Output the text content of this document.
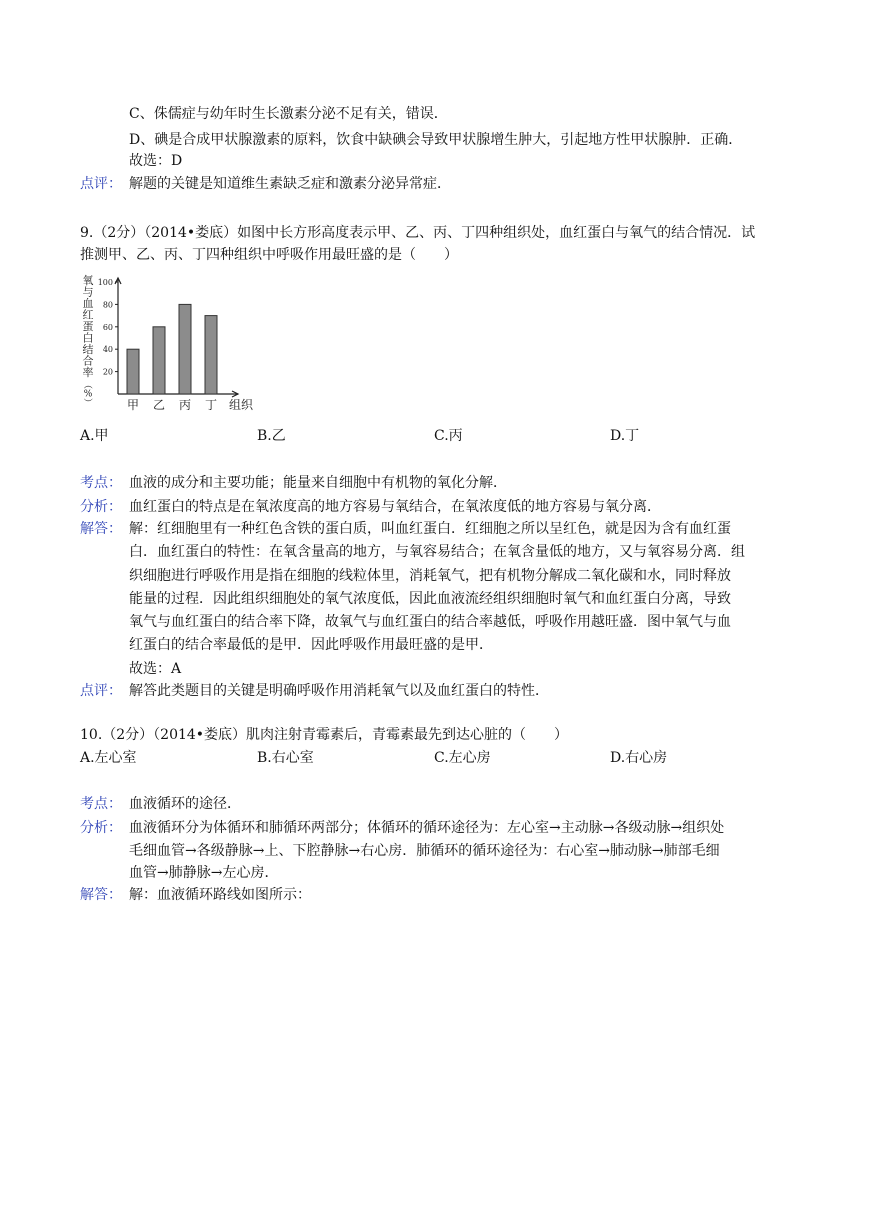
C、侏儒症与幼年时生长激素分泌不足有关，错误．
D、碘是合成甲状腺激素的原料，饮食中缺碘会导致甲状腺增生肿大，引起地方性甲状腺肿．正确．
故选：D
点评： 解题的关键是知道维生素缺乏症和激素分泌异常症．
9.（2分）（2014•娄底）如图中长方形高度表示甲、乙、丙、丁四种组织处，血红蛋白与氧气的结合情况．试
推测甲、乙、丙、丁四种组织中呼吸作用最旺盛的是（　　）
氧
与
血
红
蛋
白
结
合
率
（
%
）
20
40
60
80
100
甲 乙 丙 丁 组织
A.甲	B.乙	C.丙	D.丁
考点： 血液的成分和主要功能；能量来自细胞中有机物的氧化分解．
分析： 血红蛋白的特点是在氧浓度高的地方容易与氧结合，在氧浓度低的地方容易与氧分离．
解答： 解：红细胞里有一种红色含铁的蛋白质，叫血红蛋白．红细胞之所以呈红色，就是因为含有血红蛋
白．血红蛋白的特性：在氧含量高的地方，与氧容易结合；在氧含量低的地方，又与氧容易分离．组
织细胞进行呼吸作用是指在细胞的线粒体里，消耗氧气，把有机物分解成二氧化碳和水，同时释放
能量的过程．因此组织细胞处的氧气浓度低，因此血液流经组织细胞时氧气和血红蛋白分离，导致
氧气与血红蛋白的结合率下降，故氧气与血红蛋白的结合率越低，呼吸作用越旺盛．图中氧气与血
红蛋白的结合率最低的是甲．因此呼吸作用最旺盛的是甲．
故选：A
点评： 解答此类题目的关键是明确呼吸作用消耗氧气以及血红蛋白的特性．
10.（2分）（2014•娄底）肌肉注射青霉素后，青霉素最先到达心脏的（　　）
A.左心室	B.右心室	C.左心房	D.右心房
考点： 血液循环的途径．
分析： 血液循环分为体循环和肺循环两部分；体循环的循环途径为：左心室→主动脉→各级动脉→组织处
毛细血管→各级静脉→上、下腔静脉→右心房．肺循环的循环途径为：右心室→肺动脉→肺部毛细
血管→肺静脉→左心房．
解答： 解：血液循环路线如图所示：
